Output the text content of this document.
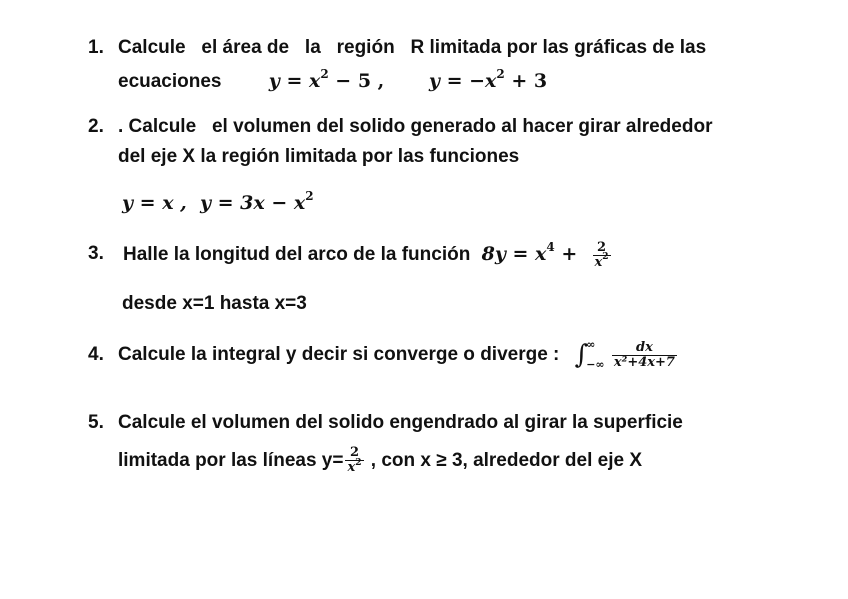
1. Calcule   el área de   la   región   R limitada por las gráficas de las
ecuaciones $y = x^2 - 5$ , $y = -x^2 + 3$
2. . Calcule   el volumen del solido generado al hacer girar alrededor
del eje X la región limitada por las funciones
y = x ,  $y = 3x - x^2$
3. Halle la longitud del arco de la función $8y = x^4 + \frac{2}{x^2}$
desde x=1 hasta x=3
4. Calcule la integral y decir si converge o diverge : ∫
∞
−∞
$\frac{dx}{\text{x²+4x+7}}$
5. Calcule el volumen del solido engendrado al girar la superficie
limitada por las líneas $y= \frac{2}{x^2}$ , con x ≥ 3, alrededor del eje X
